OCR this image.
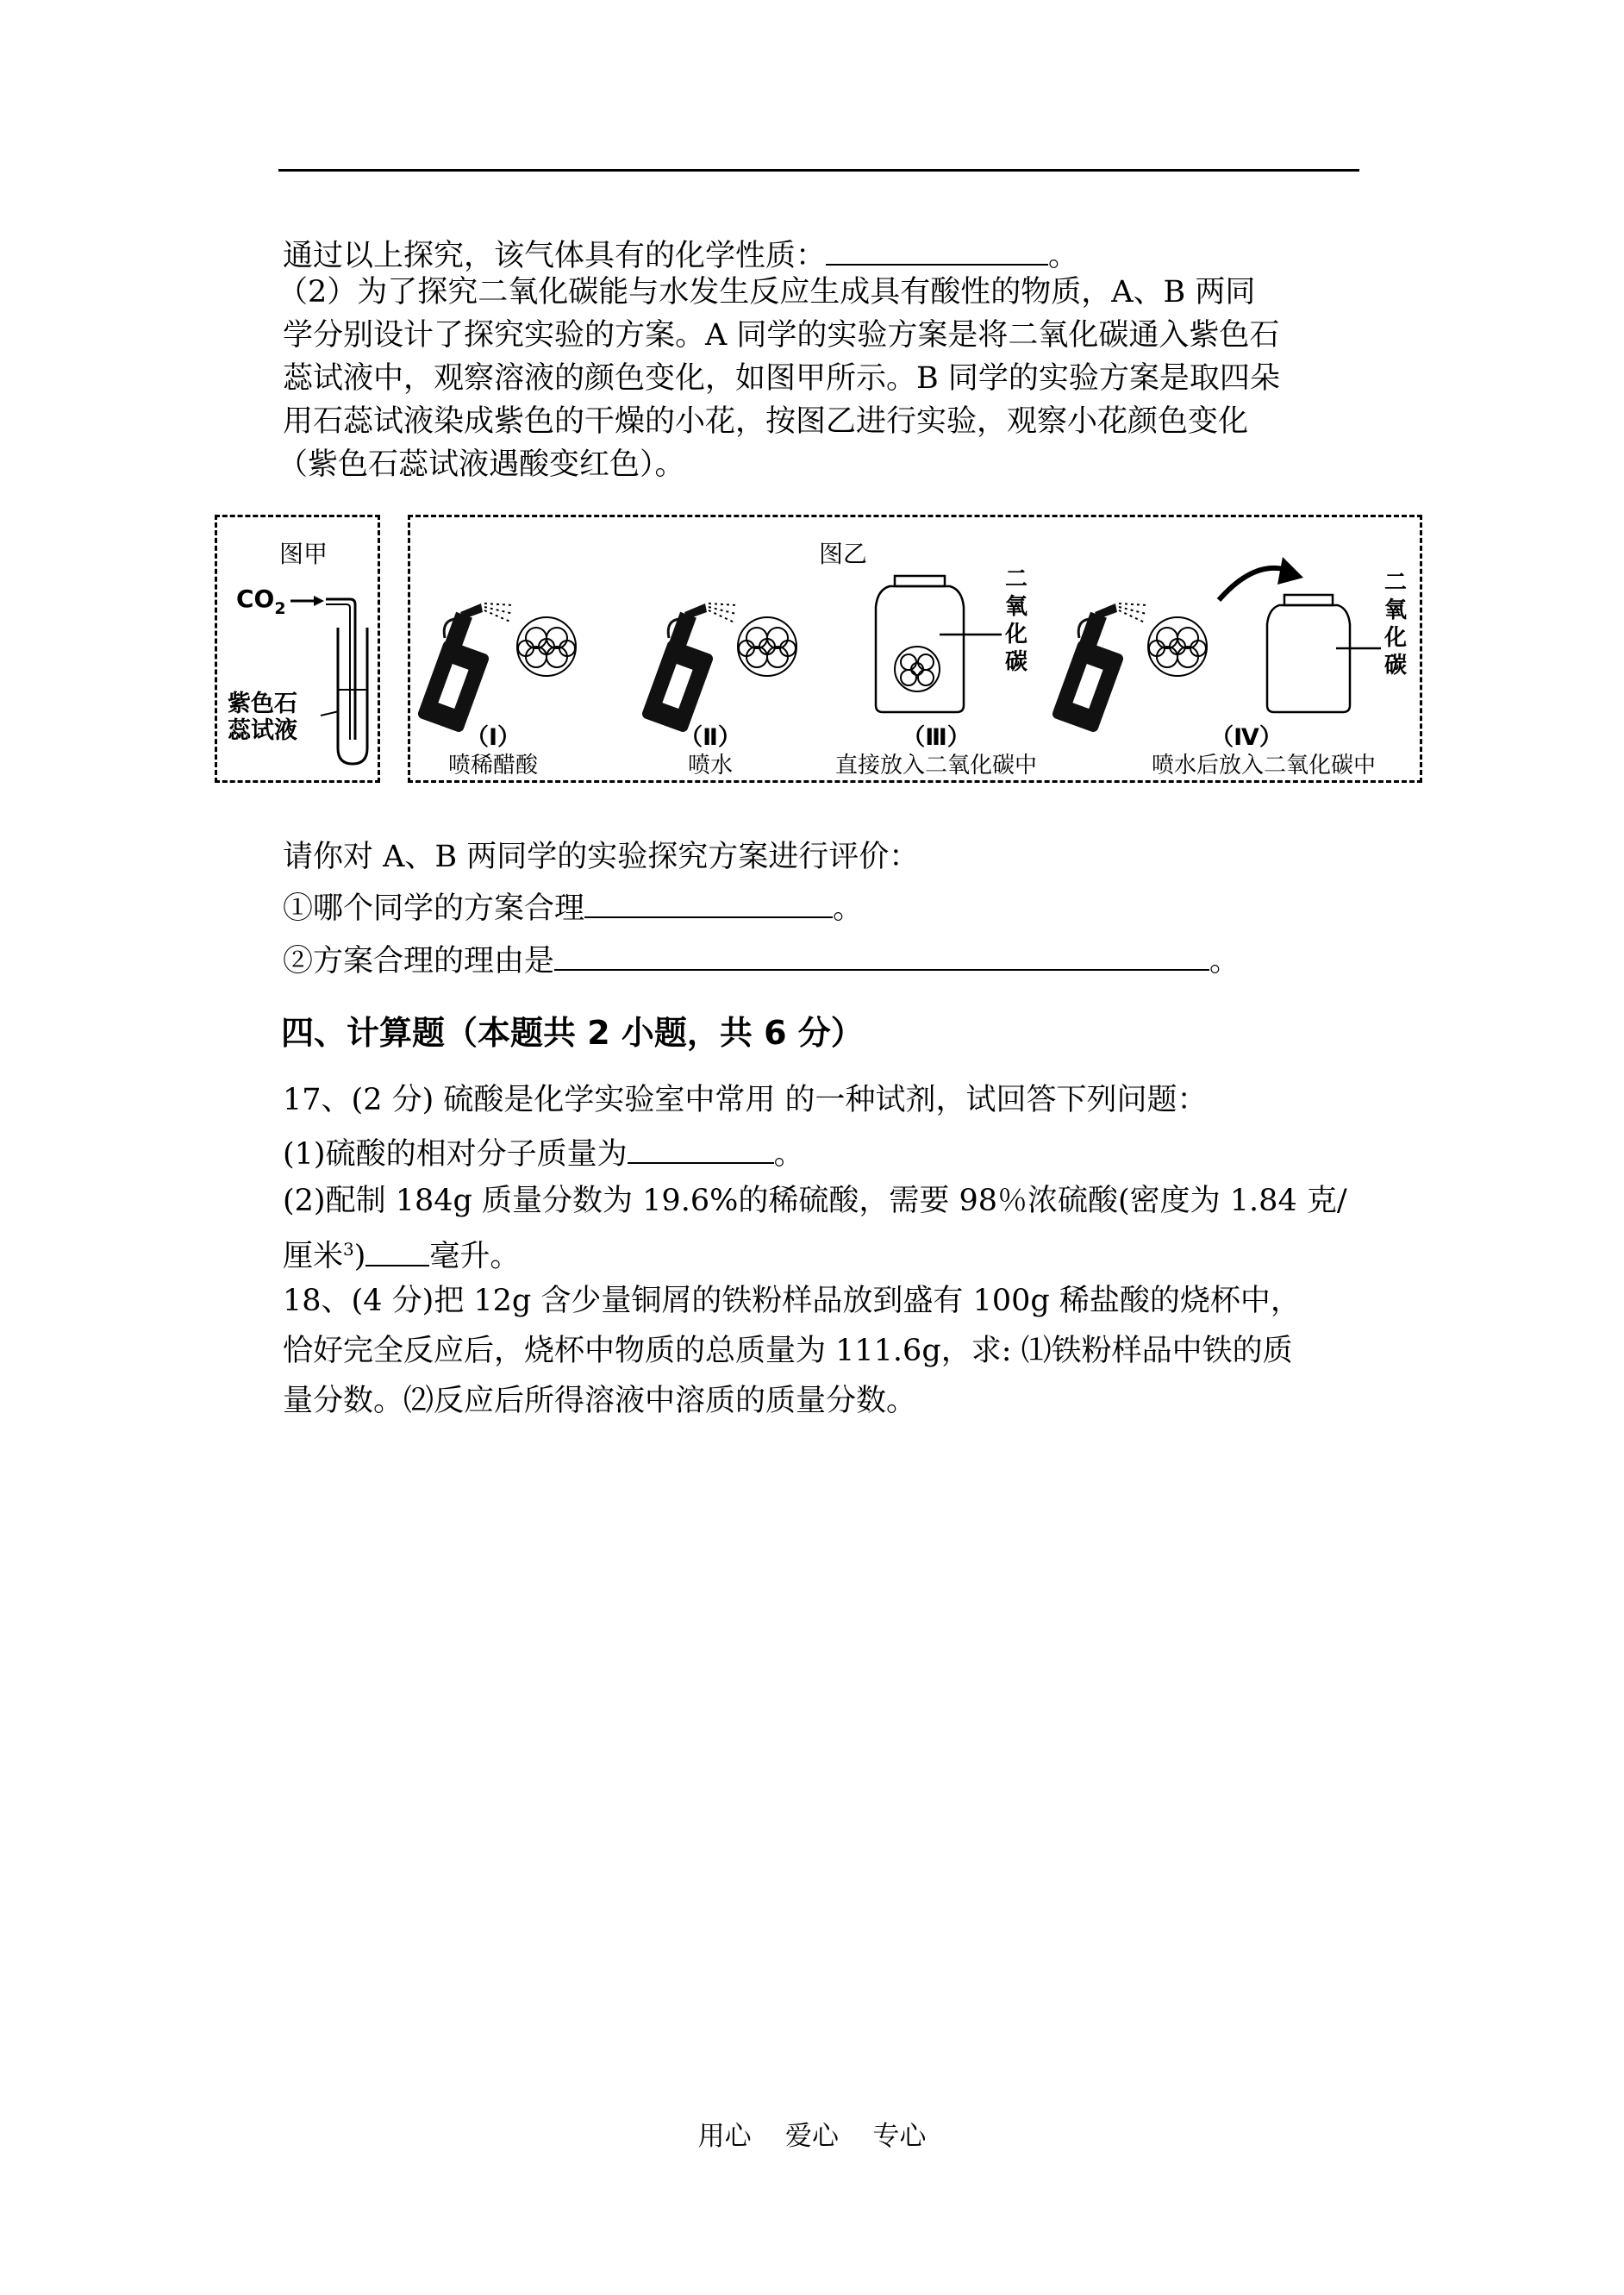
通过以上探究，该气体具有的化学性质：	。
（2）为了探究二氧化碳能与水发生反应生成具有酸性的物质，A、B 两同
学分别设计了探究实验的方案。A 同学的实验方案是将二氧化碳通入紫色石
蕊试液中，观察溶液的颜色变化，如图甲所示。B 同学的实验方案是取四朵
用石蕊试液染成紫色的干燥的小花，按图乙进行实验，观察小花颜色变化
（紫色石蕊试液遇酸变红色）。
图甲
$CO_2$
紫色石
蕊试液
图乙
二
氧
化
碳
二
氧
化
碳
（Ⅰ）	（Ⅱ）	（Ⅲ）	（Ⅳ）
喷稀醋酸	喷水	直接放入二氧化碳中	喷水后放入二氧化碳中
请你对 A、B 两同学的实验探究方案进行评价：
①哪个同学的方案合理	。
②方案合理的理由是	。
四、计算题（本题共 2 小题，共 6 分）
17、(2 分) 硫酸是化学实验室中常用 的一种试剂，试回答下列问题：
(1)硫酸的相对分子质量为	。
(2)配制 184g 质量分数为 19.6%的稀硫酸，需要 98％浓硫酸(密度为 1.84 克/
厘米$^3$) 毫升。
18、(4 分)把 12g 含少量铜屑的铁粉样品放到盛有 100g 稀盐酸的烧杯中，
恰好完全反应后，烧杯中物质的总质量为 111.6g，求: ⑴铁粉样品中铁的质
量分数。⑵反应后所得溶液中溶质的质量分数。
用心    爱心    专心
